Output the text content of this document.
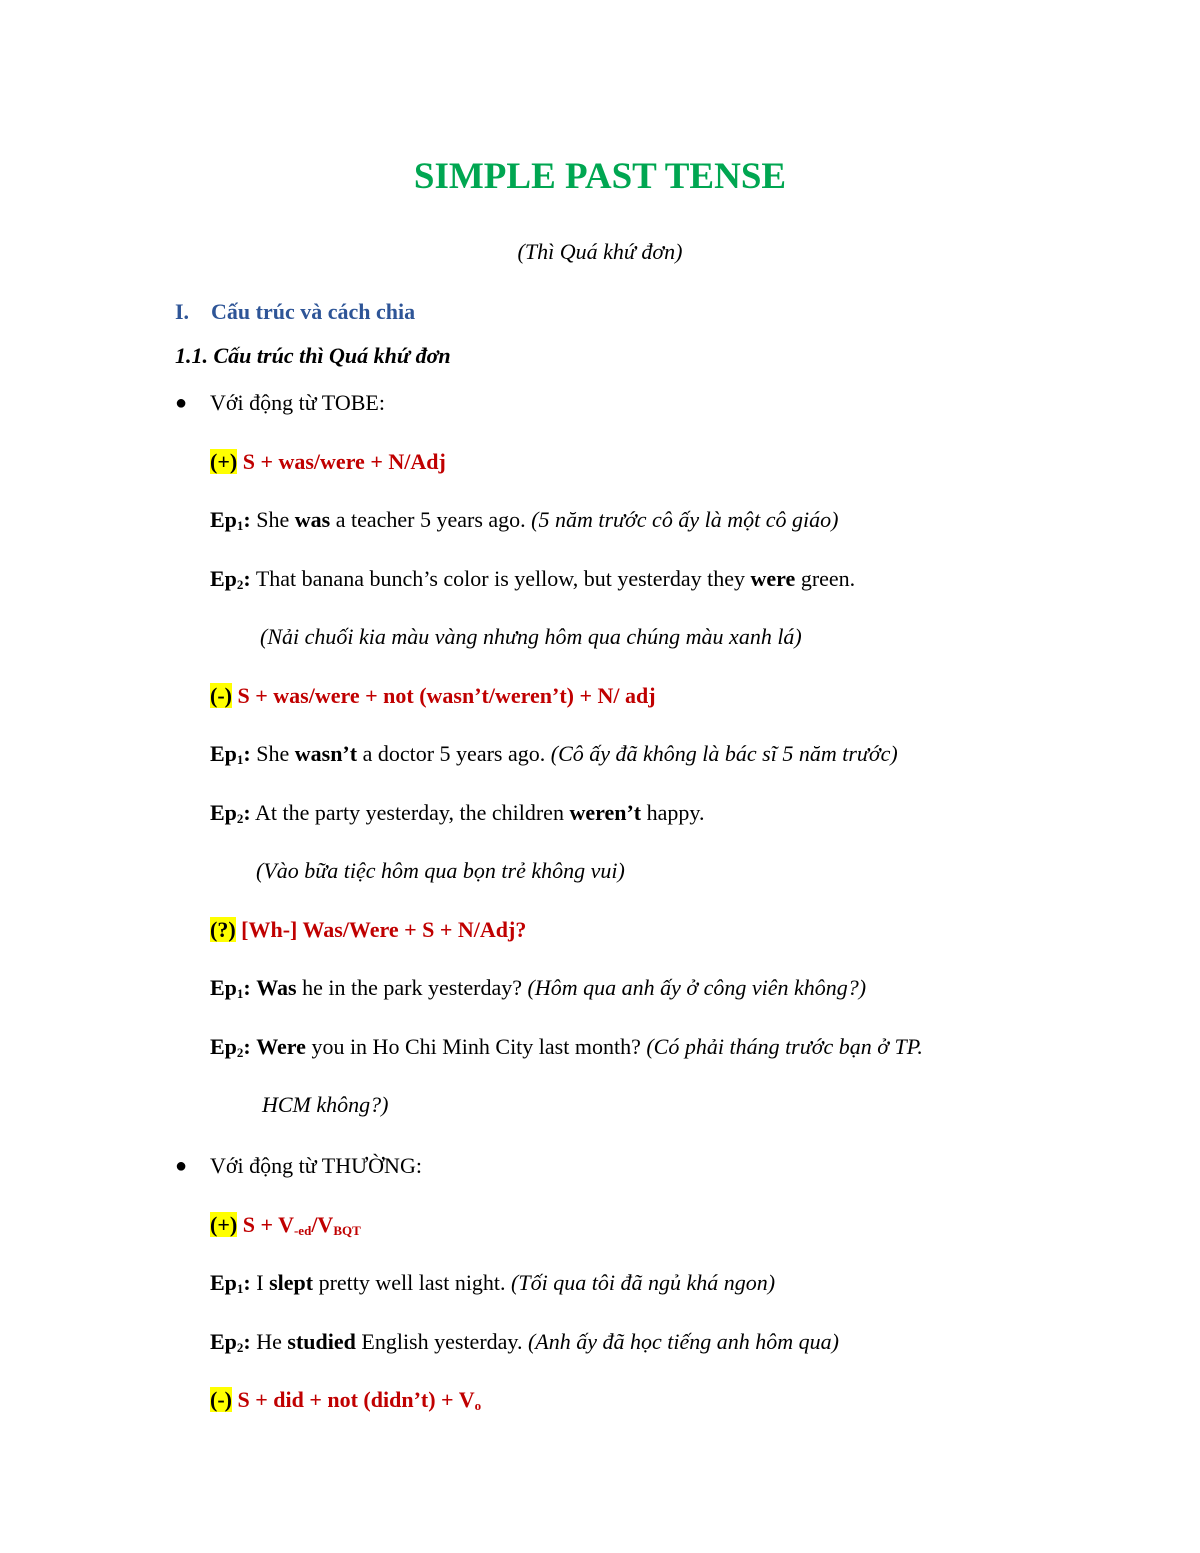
SIMPLE PAST TENSE
(Thì Quá khứ đơn)
I. Cấu trúc và cách chia
1.1. Cấu trúc thì Quá khứ đơn
● Với động từ TOBE:
(+) S + was/were + N/Adj
$Ep_1$: She was a teacher 5 years ago. (5 năm trước cô ấy là một cô giáo)
$Ep_2$: That banana bunch’s color is yellow, but yesterday they were green.
(Nải chuối kia màu vàng nhưng hôm qua chúng màu xanh lá)
(-) S + was/were + not (wasn’t/weren’t) + N/ adj
$Ep_1$: She wasn’t a doctor 5 years ago. (Cô ấy đã không là bác sĩ 5 năm trước)
$Ep_2$: At the party yesterday, the children weren’t happy.
(Vào bữa tiệc hôm qua bọn trẻ không vui)
(?) [Wh-] Was/Were + S + N/Adj?
$Ep_1$: Was he in the park yesterday? (Hôm qua anh ấy ở công viên không?)
$Ep_2$: Were you in Ho Chi Minh City last month? (Có phải tháng trước bạn ở TP.
HCM không?)
● Với động từ THƯỜNG:
(+) $S + V_{-ed}/V_{BQT}$
$Ep_1$: I slept pretty well last night. (Tối qua tôi đã ngủ khá ngon)
$Ep_2$: He studied English yesterday. (Anh ấy đã học tiếng anh hôm qua)
(-) S + did + not (didn’t) + $V_o$
